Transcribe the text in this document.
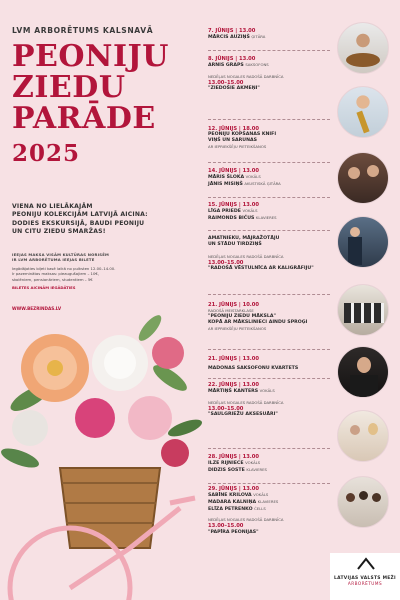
LVM ARBORĒTUMS KALSNAVĀ
PEONIJU
ZIEDU
PARĀDE
2025
VIENA NO LIELĀKAJĀM
PEONIJU KOLEKCIJĀM LATVIJĀ AICINA:
DODIES EKSKURSIJĀ, BAUDI PEONIJU
UN CITU ZIEDU SMARŽAS!
IEEJAS MAKSA VISĀM KULTŪRAS NORISĒM
IR LVM ARBORĒTUMA IEEJAS BILETE
Iegādājoties biļeti kasē laikā no pulksten 12.00–14.00.
Ir pazeminātas maksas: pieaugušajiem – 10€,
skolēniem, pensionāriem, studentiem – 5€
BILETES AICINĀM IEGĀDĀTIES
WWW.BEZRINDAS.LV
7. JŪNIJS | 13.00
MĀRCIS AUZIŅŠ ĢITĀRA
8. JŪNIJS | 13.00
ARNIS GRAPS SAKSOFONS
NEDĒĻAS NOGALES RADOŠĀ DARBNĪCA
13.00–15.00
"ZIEDOŠIE AKMEŅI"
12. JŪNIJS | 18.00
PEONIJU KOPŠANAS KNIFI
VIŅŠ UN SARUNAS
AR IEPRIEKŠĒJU PIETEIKŠANOS
14. JŪNIJS | 13.00
MĀRIS ŠLOKA VOKĀLS
JĀNIS MISIŅŠ AKUSTISKĀ ĢITĀRA
15. JŪNIJS | 13.00
LĪGA PRIEDE VOKĀLS
RAIMONDS BIČUS KLAVIERES
AMATNIEKU, MĀJRAŽOTĀJU
UN STĀDU TIRDZIŅŠ
NEDĒĻAS NOGALES RADOŠĀ DARBNĪCA
13.00–15.00
"RADOŠĀ VĒSTULNĪCA AR KALIGRĀFIJU"
21. JŪNIJS | 10.00
RADOŠĀ MEISTARKLASE
"PEONIJU ZIEDU MĀKSLA"
KOPĀ AR MĀKSLINIECI AINDU SPROĢI
AR IEPRIEKŠĒJU PIETEIKŠANOS
21. JŪNIJS | 13.00
MADONAS SAKSOFONU KVARTETS
22. JŪNIJS | 13.00
MĀRTIŅŠ KANTERS VOKĀLS
NEDĒĻAS NOGALES RADOŠĀ DARBNĪCA
13.00–15.00
"SAULGRIEŽU AKSESUĀRI"
28. JŪNIJS | 13.00
ILZE RIJNIECE VOKĀLS
DIDZIS SOSTE KLAVIERES
29. JŪNIJS | 13.00
SABĪNE KRILOVA VOKĀLS
MADARA KALNIŅA KLAVIERES
ELĪZA PETRENKO ČELLS
NEDĒĻAS NOGALES RADOŠĀ DARBNĪCA
13.00–15.00
"PAPĪRA PEONIJAS"
LATVIJAS VALSTS MEŽI
ARBORĒTUMS
